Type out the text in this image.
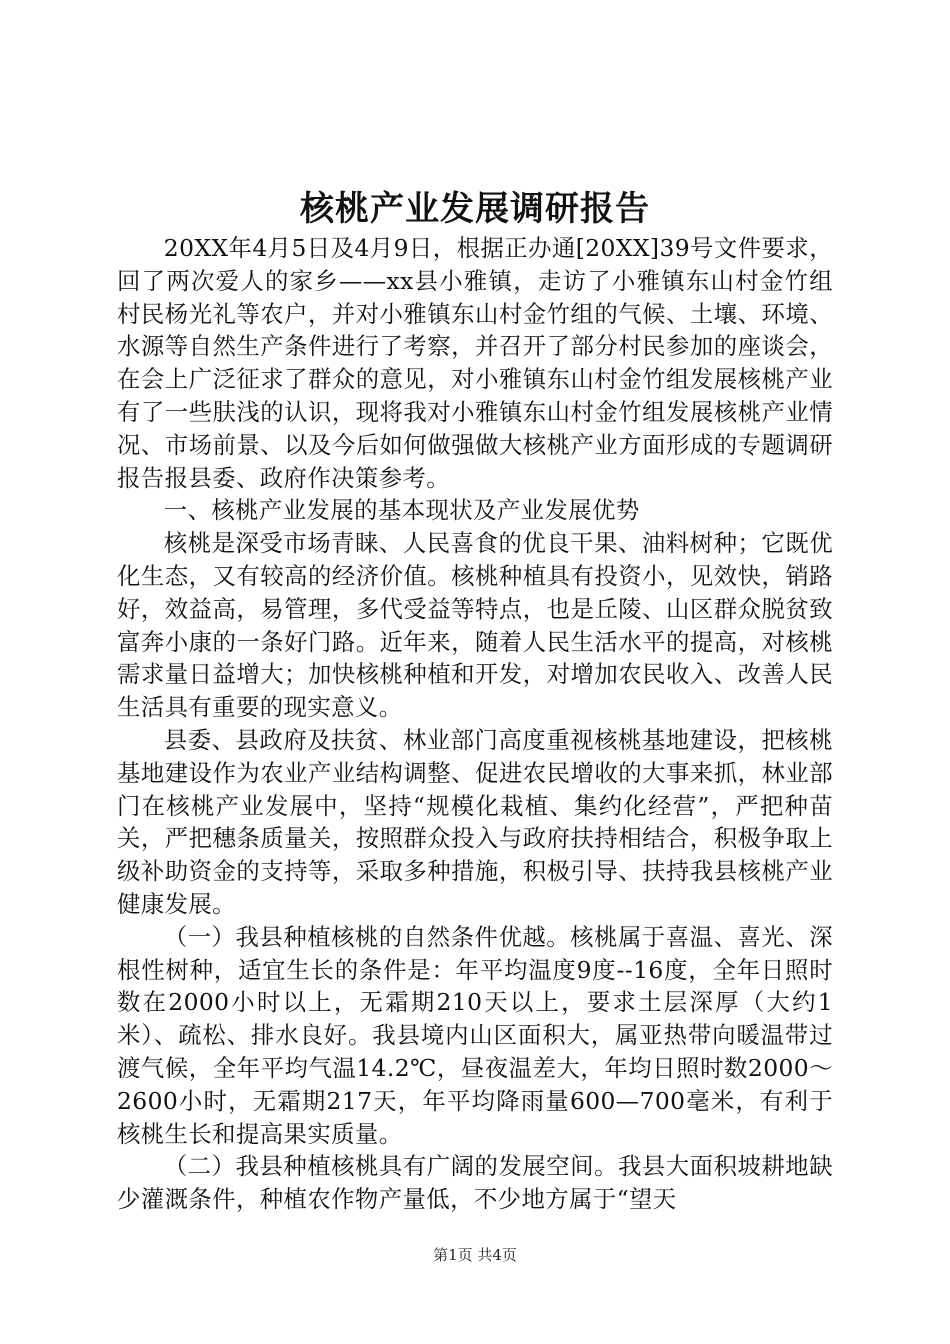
核桃产业发展调研报告

20XX年4月5日及4月9日，根据正办通[20XX]39号文件要求，回了两次爱人的家乡——xx县小雅镇，走访了小雅镇东山村金竹组村民杨光礼等农户，并对小雅镇东山村金竹组的气候、土壤、环境、水源等自然生产条件进行了考察，并召开了部分村民参加的座谈会，在会上广泛征求了群众的意见，对小雅镇东山村金竹组发展核桃产业有了一些肤浅的认识，现将我对小雅镇东山村金竹组发展核桃产业情况、市场前景、以及今后如何做强做大核桃产业方面形成的专题调研报告报县委、政府作决策参考。

一、核桃产业发展的基本现状及产业发展优势

核桃是深受市场青睐、人民喜食的优良干果、油料树种；它既优化生态，又有较高的经济价值。核桃种植具有投资小，见效快，销路好，效益高，易管理，多代受益等特点，也是丘陵、山区群众脱贫致富奔小康的一条好门路。近年来，随着人民生活水平的提高，对核桃需求量日益增大；加快核桃种植和开发，对增加农民收入、改善人民生活具有重要的现实意义。

县委、县政府及扶贫、林业部门高度重视核桃基地建设，把核桃基地建设作为农业产业结构调整、促进农民增收的大事来抓，林业部门在核桃产业发展中，坚持“规模化栽植、集约化经营”，严把种苗关，严把穗条质量关，按照群众投入与政府扶持相结合，积极争取上级补助资金的支持等，采取多种措施，积极引导、扶持我县核桃产业健康发展。

（一）我县种植核桃的自然条件优越。核桃属于喜温、喜光、深根性树种，适宜生长的条件是：年平均温度9度--16度，全年日照时数在2000小时以上，无霜期210天以上，要求土层深厚（大约1米）、疏松、排水良好。我县境内山区面积大，属亚热带向暖温带过渡气候，全年平均气温14.2℃，昼夜温差大，年均日照时数2000～2600小时，无霜期217天，年平均降雨量600—700毫米，有利于核桃生长和提高果实质量。

（二）我县种植核桃具有广阔的发展空间。我县大面积坡耕地缺少灌溉条件，种植农作物产量低，不少地方属于“望天

第1页 共4页
